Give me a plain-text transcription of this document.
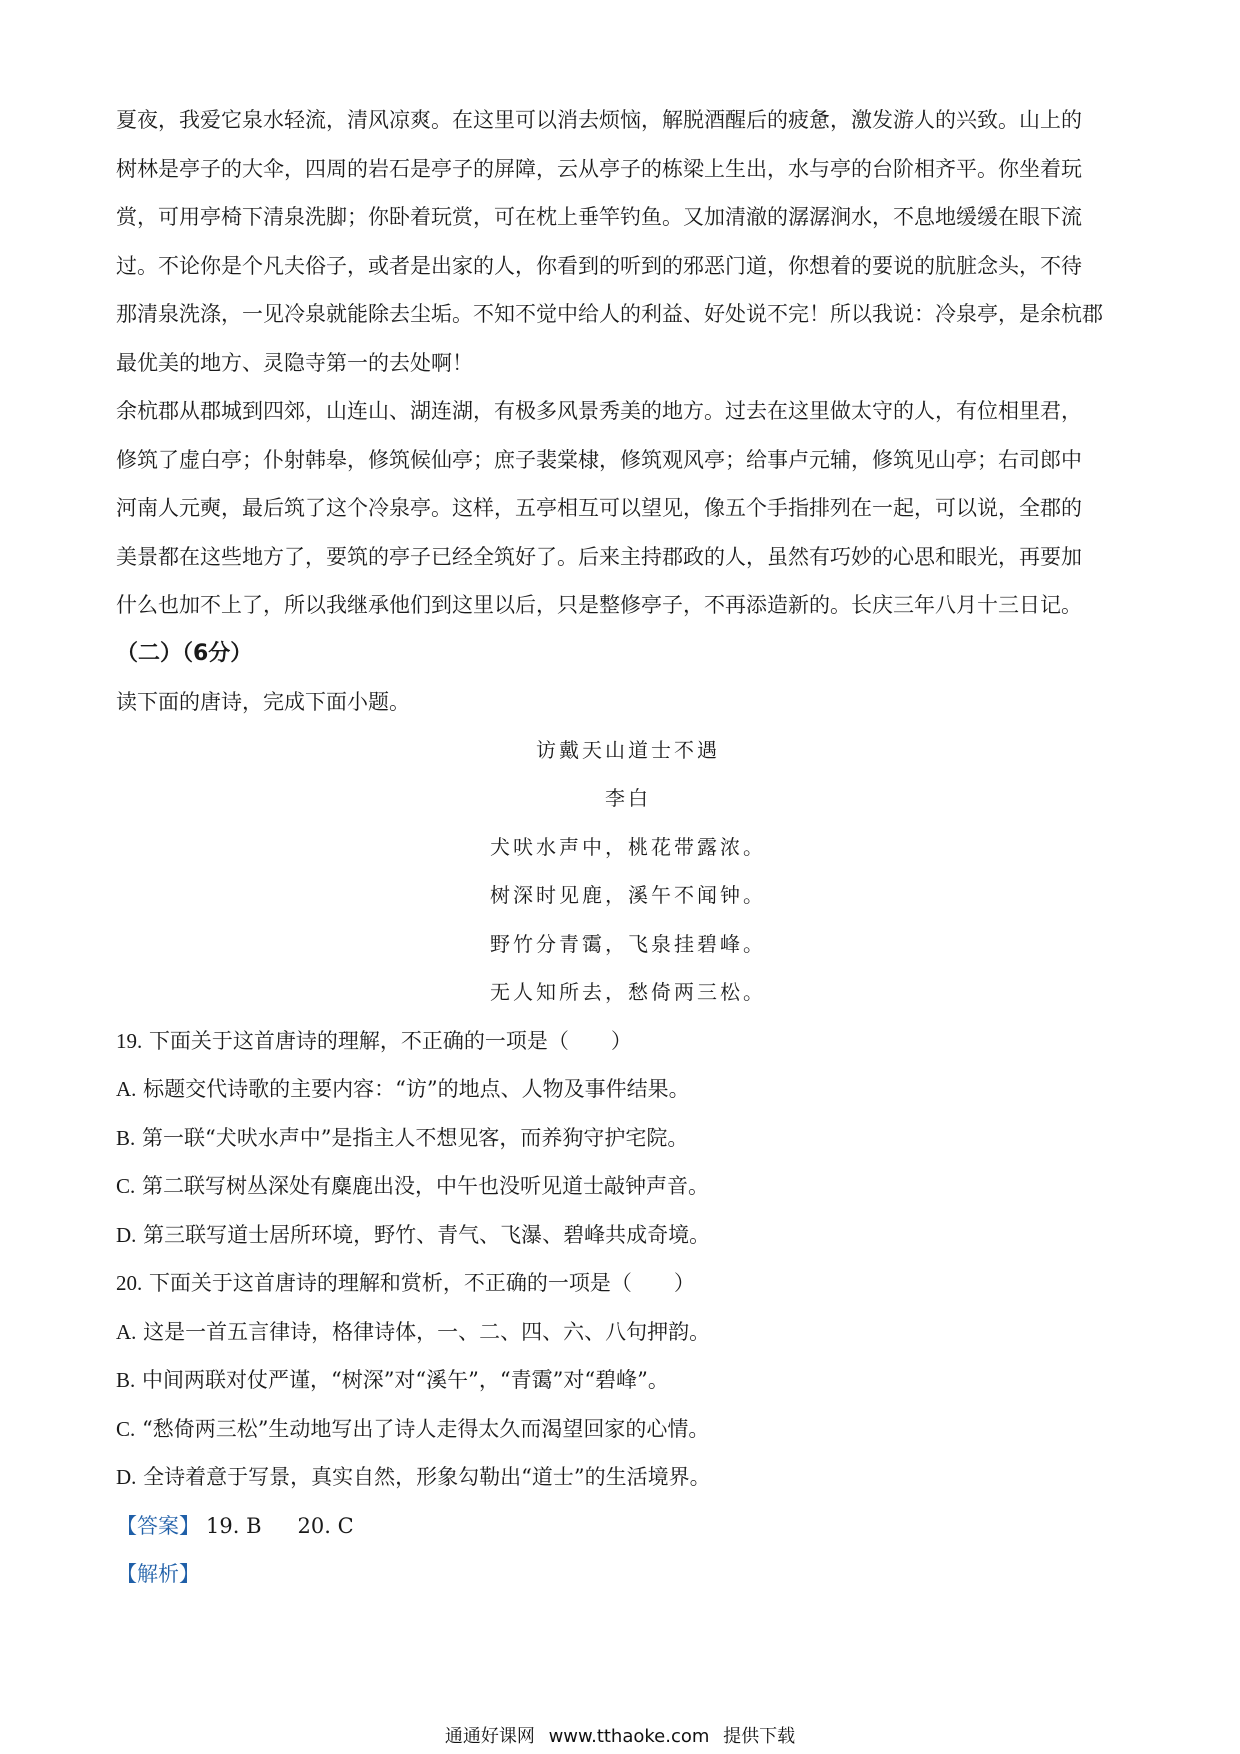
夏夜，我爱它泉水轻流，清风凉爽。在这里可以消去烦恼，解脱酒醒后的疲惫，激发游人的兴致。山上的
树林是亭子的大伞，四周的岩石是亭子的屏障，云从亭子的栋梁上生出，水与亭的台阶相齐平。你坐着玩
赏，可用亭椅下清泉洗脚；你卧着玩赏，可在枕上垂竿钓鱼。又加清澈的潺潺涧水，不息地缓缓在眼下流
过。不论你是个凡夫俗子，或者是出家的人，你看到的听到的邪恶门道，你想着的要说的肮脏念头，不待
那清泉洗涤，一见冷泉就能除去尘垢。不知不觉中给人的利益、好处说不完！所以我说：冷泉亭，是余杭郡
最优美的地方、灵隐寺第一的去处啊！

余杭郡从郡城到四郊，山连山、湖连湖，有极多风景秀美的地方。过去在这里做太守的人，有位相里君，
修筑了虚白亭；仆射韩皋，修筑候仙亭；庶子裴棠棣，修筑观风亭；给事卢元辅，修筑见山亭；右司郎中
河南人元奭，最后筑了这个冷泉亭。这样，五亭相互可以望见，像五个手指排列在一起，可以说，全郡的
美景都在这些地方了，要筑的亭子已经全筑好了。后来主持郡政的人，虽然有巧妙的心思和眼光，再要加
什么也加不上了，所以我继承他们到这里以后，只是整修亭子，不再添造新的。长庆三年八月十三日记。

（二）（6分）

读下面的唐诗，完成下面小题。

访戴天山道士不遇
李白
犬吠水声中，桃花带露浓。
树深时见鹿，溪午不闻钟。
野竹分青霭，飞泉挂碧峰。
无人知所去，愁倚两三松。

19. 下面关于这首唐诗的理解，不正确的一项是（　　）

A. 标题交代诗歌的主要内容：“访”的地点、人物及事件结果。

B. 第一联“犬吠水声中”是指主人不想见客，而养狗守护宅院。

C. 第二联写树丛深处有麋鹿出没，中午也没听见道士敲钟声音。

D. 第三联写道士居所环境，野竹、青气、飞瀑、碧峰共成奇境。

20. 下面关于这首唐诗的理解和赏析，不正确的一项是（　　）

A. 这是一首五言律诗，格律诗体，一、二、四、六、八句押韵。

B. 中间两联对仗严谨，“树深”对“溪午”，“青霭”对“碧峰”。

C. “愁倚两三松”生动地写出了诗人走得太久而渴望回家的心情。

D. 全诗着意于写景，真实自然，形象勾勒出“道士”的生活境界。

【答案】 19. B 20. C

【解析】

通通好课网 www.tthaoke.com 提供下载
